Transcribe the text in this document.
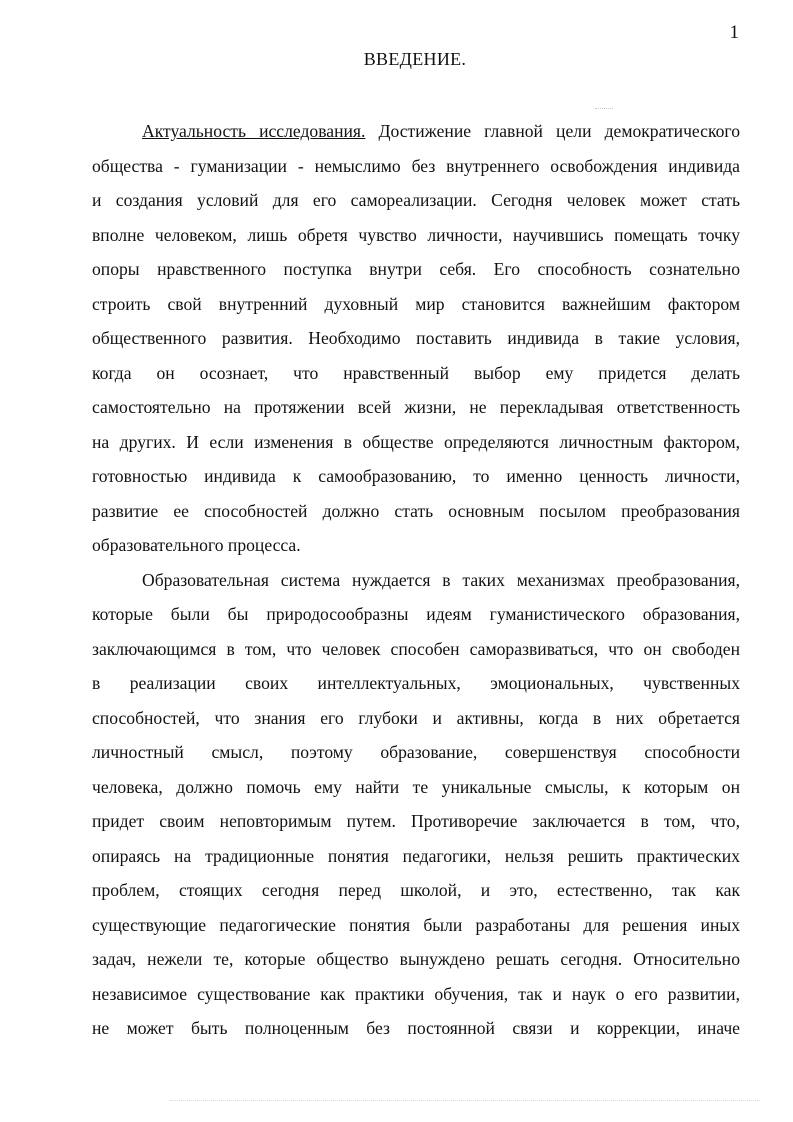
1
ВВЕДЕНИЕ.
Актуальность исследования. Достижение главной цели демократического
общества - гуманизации - немыслимо без внутреннего освобождения индивида
и создания условий для его самореализации. Сегодня человек может стать
вполне человеком, лишь обретя чувство личности, научившись помещать точку
опоры нравственного поступка внутри себя. Его способность сознательно
строить свой внутренний духовный мир становится важнейшим фактором
общественного развития. Необходимо поставить индивида в такие условия,
когда он осознает, что нравственный выбор ему придется делать
самостоятельно на протяжении всей жизни, не перекладывая ответственность
на других. И если изменения в обществе определяются личностным фактором,
готовностью индивида к самообразованию, то именно ценность личности,
развитие ее способностей должно стать основным посылом преобразования
образовательного процесса.
Образовательная система нуждается в таких механизмах преобразования,
которые были бы природосообразны идеям гуманистического образования,
заключающимся в том, что человек способен саморазвиваться, что он свободен
в реализации своих интеллектуальных, эмоциональных, чувственных
способностей, что знания его глубоки и активны, когда в них обретается
личностный смысл, поэтому образование, совершенствуя способности
человека, должно помочь ему найти те уникальные смыслы, к которым он
придет своим неповторимым путем. Противоречие заключается в том, что,
опираясь на традиционные понятия педагогики, нельзя решить практических
проблем, стоящих сегодня перед школой, и это, естественно, так как
существующие педагогические понятия были разработаны для решения иных
задач, нежели те, которые общество вынуждено решать сегодня. Относительно
независимое существование как практики обучения, так и наук о его развитии,
не может быть полноценным без постоянной связи и коррекции, иначе
